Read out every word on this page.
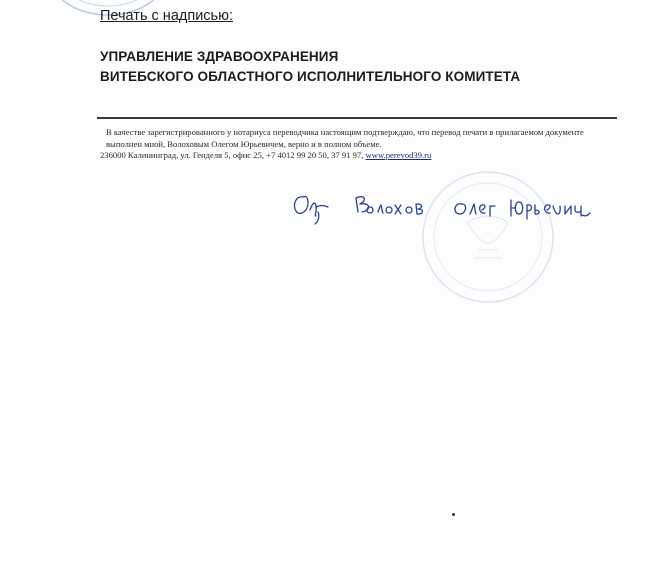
Печать с надписью:
УПРАВЛЕНИЕ ЗДРАВООХРАНЕНИЯ
ВИТЕБСКОГО ОБЛАСТНОГО ИСПОЛНИТЕЛЬНОГО КОМИТЕТА

В качестве зарегистрированного у нотариуса переводчика настоящим подтверждаю, что перевод печати в прилагаемом документе

выполнен мной, Волоховым Олегом Юрьевичем, верно и в полном объеме.

236000 Калининград, ул. Генделя 5, офис 25, +7 4012 99 20 50, 37 91 97, www.perevod39.ru
